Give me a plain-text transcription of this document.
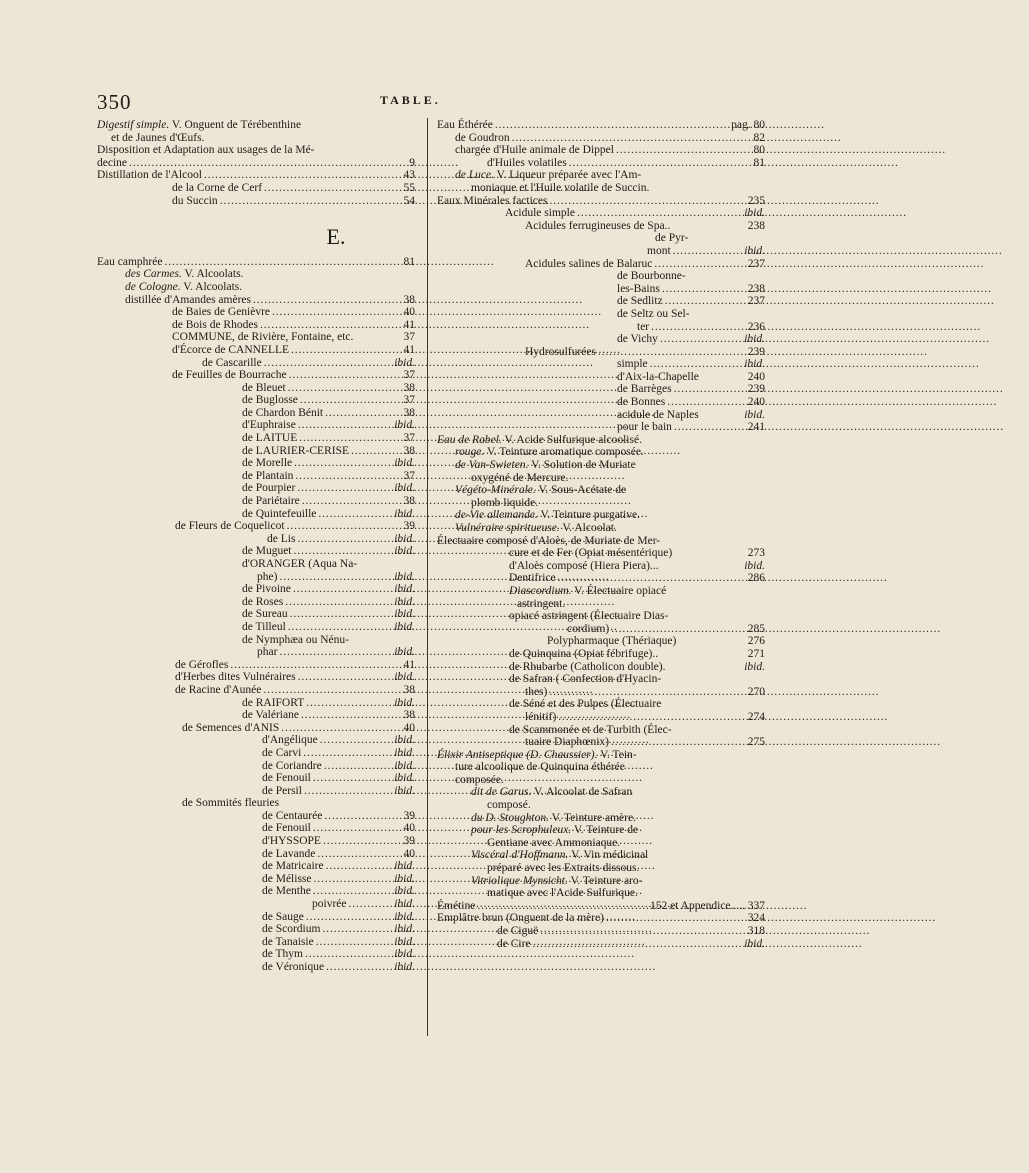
350	TABLE.
Digestif simple. V. Onguent de Térébenthine
et de Jaunes d'Œufs.
Disposition et Adaptation aux usages de la Mé-
decine . . .	9
Distillation de l'Alcool . . .	43
de la Corne de Cerf . . .	55
du Succin . . .	54
E.
Eau camphrée . . .	81
des Carmes. V. Alcoolats.
de Cologne. V. Alcoolats.
distillée d'Amandes amères . . .	38
de Baies de Genièvre . . .	40
de Bois de Rhodes . . .	41
COMMUNE, de Rivière, Fontaine, etc.	37
d'Écorce de CANNELLE . . .	41
de Cascarille . . .	ibid.
de Feuilles de Bourrache . . .	37
de Bleuet . . .	38
de Buglosse . . .	37
de Chardon Bénit . . .	38
d'Euphraise . . .	ibid.
de LAITUE . . .	37
de LAURIER-CERISE . . .	38
de Morelle . . .	ibid.
de Plantain . . .	37
de Pourpier . . .	ibid.
de Pariétaire . . .	38
de Quintefeuille . . .	ibid.
de Fleurs de Coquelicot . . .	39
de Lis . . .	ibid.
de Muguet . . .	ibid.
d'ORANGER (Aqua Na-
phe) . . .	ibid.
de Pivoine . . .	ibid.
de Roses . . .	ibid.
de Sureau . . .	ibid.
de Tilleul . . .	ibid.
de Nymphæa ou Nénu-
phar . . .	ibid.
de Gérofles . . .	41
d'Herbes dites Vulnéraires . . .	ibid.
de Racine d'Aunée . . .	38
de RAIFORT . . .	ibid.
de Valériane . . .	38
de Semences d'ANIS . . .	40
d'Angélique . . .	ibid.
de Carvi . . .	ibid.
de Coriandre . . .	ibid.
de Fenouil . . .	ibid.
de Persil . . .	ibid.
de Sommités fleuries
de Centaurée . . .	39
de Fenouil . . .	40
d'HYSSOPE . . .	39
de Lavande . . .	40
de Matricaire . . .	ibid.
de Mélisse . . .	ibid.
de Menthe . . .	ibid.
poivrée . . .	ibid.
de Sauge . . .	ibid.
de Scordium . . .	ibid.
de Tanaisie . . .	ibid.
de Thym . . .	ibid.
de Véronique . . .	ibid.
Eau Éthérée . . .	pag. 80
de Goudron . . .	82
chargée d'Huile animale de Dippel . . .	80
d'Huiles volatiles . . .	81
de Luce. V. Liqueur préparée avec l'Am-
moniaque et l'Huile volatile de Succin.
Eaux Minérales factices . . .	235
Acidule simple . . .	ibid.
Acidules ferrugineuses de Spa..	238
de Pyr-
mont . . .	ibid.
Acidules salines de Balaruc . . .	237
de Bourbonne-
les-Bains . . .	238
de Sedlitz . . .	237
de Seltz ou Sel-
ter . . .	236
de Vichy . . .	ibid.
Hydrosulfurées . . .	239
simple . . .	ibid.
d'Aix-la-Chapelle	240
de Barrèges . . .	239
de Bonnes . . .	240
acidule de Naples	ibid.
pour le bain . . .	241
Eau de Rabel. V. Acide Sulfurique alcoolisé.
rouge. V. Teinture aromatique composée.
de Van-Swieten. V. Solution de Muriate
oxygéné de Mercure.
Végéto-Minérale. V. Sous-Acétate de
plomb liquide.
de-Vie allemande. V. Teinture purgative.
Vulnéraire spiritueuse. V. Alcoolat.
Électuaire composé d'Aloès, de Muriate de Mer-
cure et de Fer (Opiat mésentérique)	273
d'Aloès composé (Hiera Piera)...	ibid.
Dentifrice . . .	286
Diascordium. V. Électuaire opiacé
astringent.
opiacé astringent (Électuaire Dias-
cordium) . . .	285
Polypharmaque (Thériaque)	276
de Quinquina (Opiat fébrifuge)..	271
de Rhubarbe (Catholicon double).	ibid.
de Safran ( Confection d'Hyacin-
thes) . . .	270
de Séné et des Pulpes (Électuaire
lénitif) . . .	274
de Scammonée et de Turbith (Élec-
tuaire Diaphœnix) . . .	275
Élixir Antiseptique (D. Chaussier). V. Tein-
ture alcoolique de Quinquina éthérée
composée.
dit de Garus. V. Alcoolat de Safran
composé.
du D. Stoughton. V. Teinture amère.
pour les Scrophuleux. V. Teinture de
Gentiane avec Ammoniaque.
Viscéral d'Hoffmann. V. Vin médicinal
préparé avec les Extraits dissous.
Vitriolique Mynsicht. V. Teinture aro-
matique avec l'Acide Sulfurique.
Émétine . . .	152 et Appendice..... 337
Emplâtre brun (Onguent de la mère) . . .	324
de Ciguë . . .	318
de Cire . . .	ibid.
